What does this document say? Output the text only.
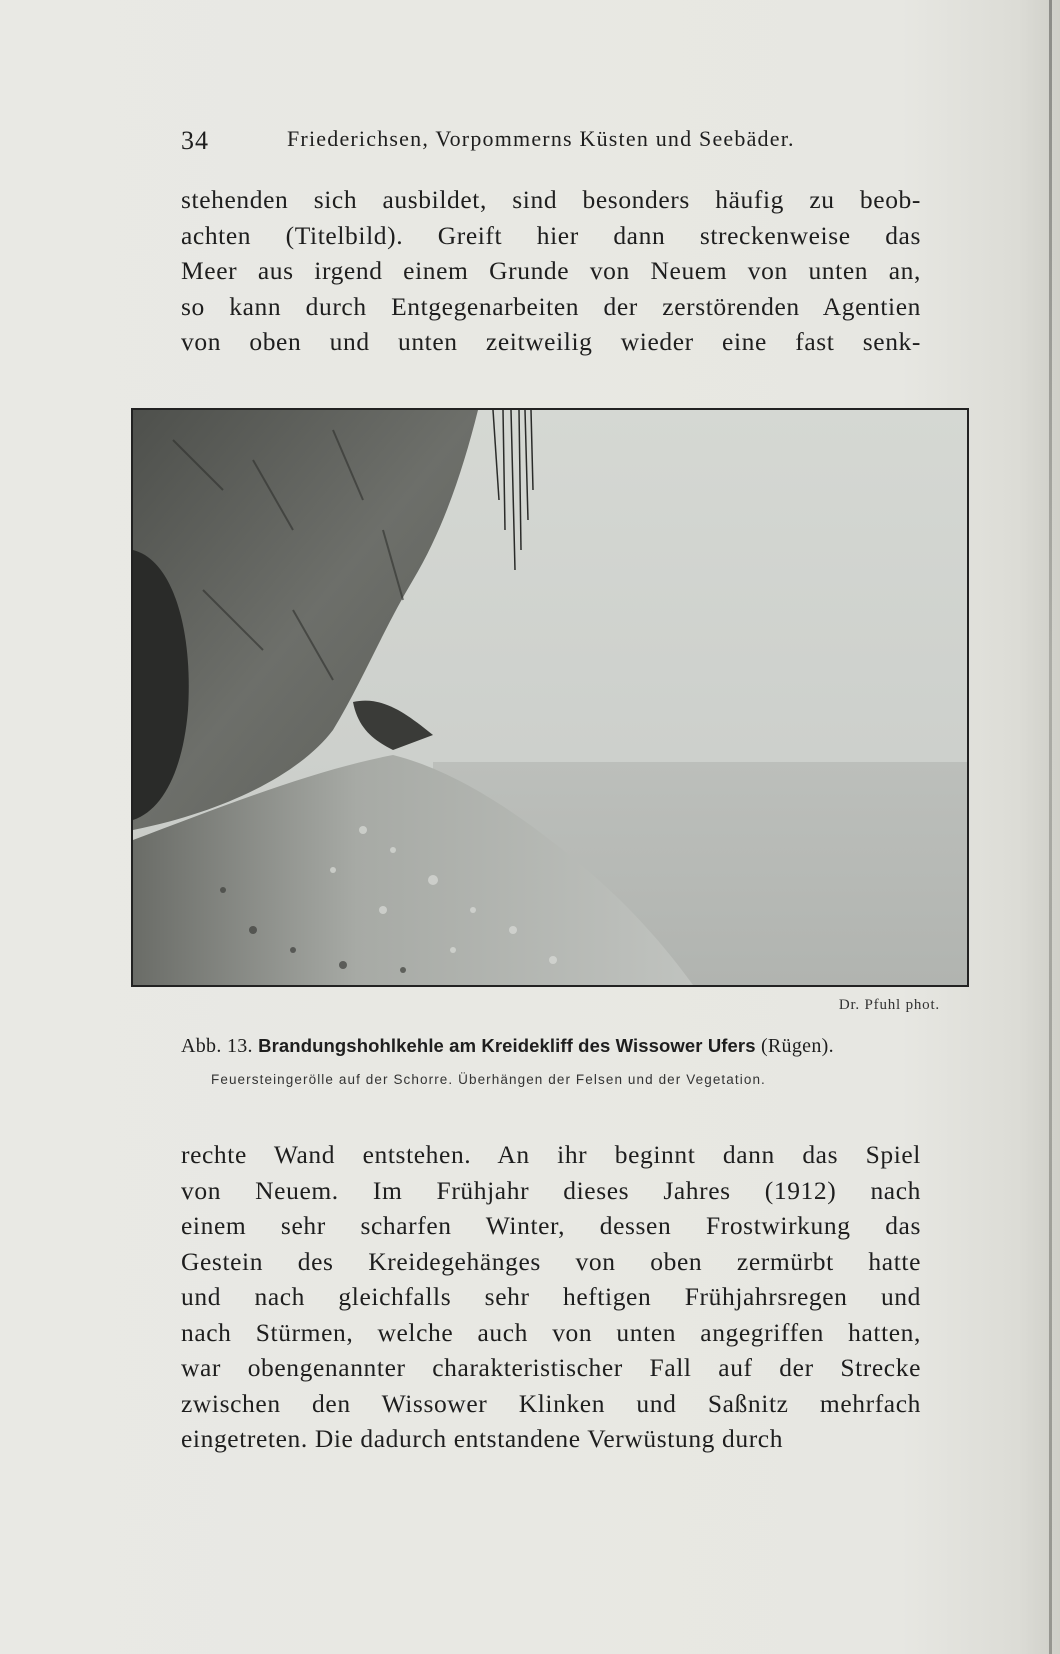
34	Friederichsen, Vorpommerns Küsten und Seebäder.
stehenden sich ausbildet, sind besonders häufig zu beob-
achten (Titelbild). Greift hier dann streckenweise das
Meer aus irgend einem Grunde von Neuem von unten an,
so kann durch Entgegenarbeiten der zerstörenden Agentien
von oben und unten zeitweilig wieder eine fast senk-
Dr. Pfuhl phot.
Abb. 13. Brandungshohlkehle am Kreidekliff des Wissower Ufers (Rügen).
Feuersteingerölle auf der Schorre. Überhängen der Felsen und der Vegetation.
rechte Wand entstehen. An ihr beginnt dann das Spiel
von Neuem. Im Frühjahr dieses Jahres (1912) nach
einem sehr scharfen Winter, dessen Frostwirkung das
Gestein des Kreidegehänges von oben zermürbt hatte
und nach gleichfalls sehr heftigen Frühjahrsregen und
nach Stürmen, welche auch von unten angegriffen hatten,
war obengenannter charakteristischer Fall auf der Strecke
zwischen den Wissower Klinken und Saßnitz mehrfach
eingetreten. Die dadurch entstandene Verwüstung durch
